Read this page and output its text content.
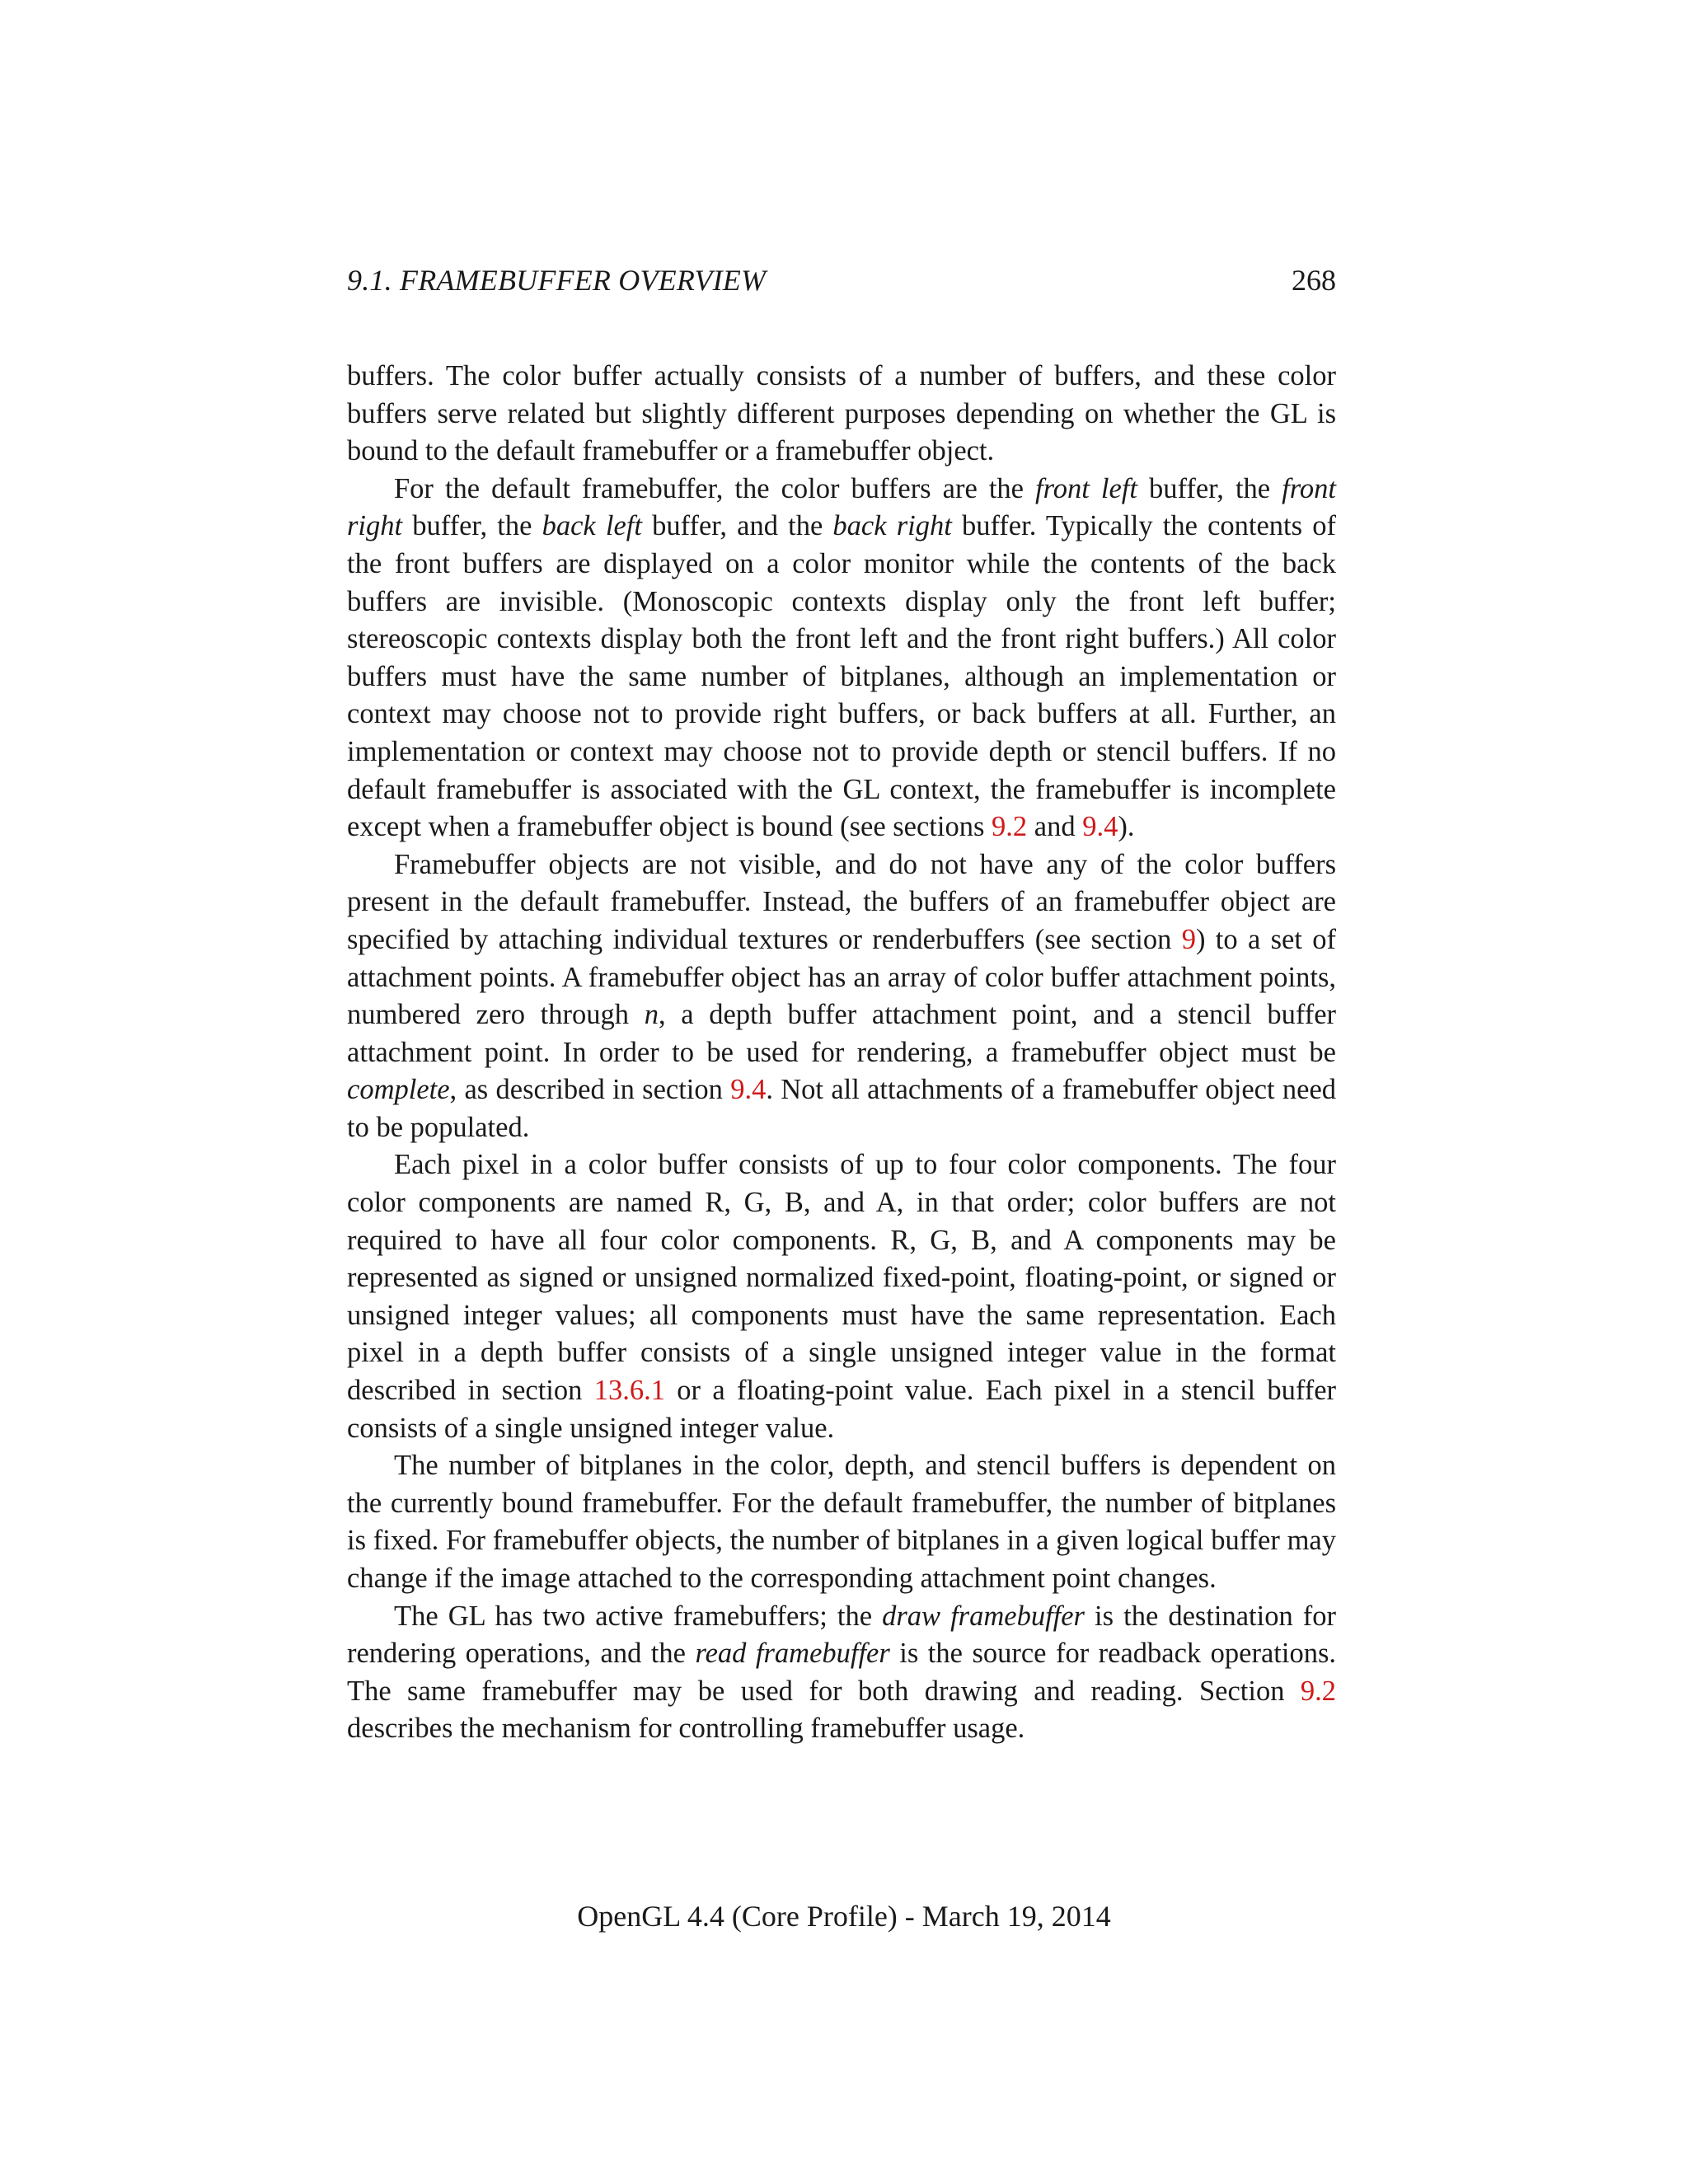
9.1. FRAMEBUFFER OVERVIEW	268

buffers. The color buffer actually consists of a number of buffers, and these color buffers serve related but slightly different purposes depending on whether the GL is bound to the default framebuffer or a framebuffer object.

For the default framebuffer, the color buffers are the front left buffer, the front right buffer, the back left buffer, and the back right buffer. Typically the contents of the front buffers are displayed on a color monitor while the contents of the back buffers are invisible. (Monoscopic contexts display only the front left buffer; stereoscopic contexts display both the front left and the front right buffers.) All color buffers must have the same number of bitplanes, although an implementation or context may choose not to provide right buffers, or back buffers at all. Further, an implementation or context may choose not to provide depth or stencil buffers. If no default framebuffer is associated with the GL context, the framebuffer is incomplete except when a framebuffer object is bound (see sections 9.2 and 9.4).

Framebuffer objects are not visible, and do not have any of the color buffers present in the default framebuffer. Instead, the buffers of an framebuffer object are specified by attaching individual textures or renderbuffers (see section 9) to a set of attachment points. A framebuffer object has an array of color buffer attachment points, numbered zero through n, a depth buffer attachment point, and a stencil buffer attachment point. In order to be used for rendering, a framebuffer object must be complete, as described in section 9.4. Not all attachments of a framebuffer object need to be populated.

Each pixel in a color buffer consists of up to four color components. The four color components are named R, G, B, and A, in that order; color buffers are not required to have all four color components. R, G, B, and A components may be represented as signed or unsigned normalized fixed-point, floating-point, or signed or unsigned integer values; all components must have the same representation. Each pixel in a depth buffer consists of a single unsigned integer value in the format described in section 13.6.1 or a floating-point value. Each pixel in a stencil buffer consists of a single unsigned integer value.

The number of bitplanes in the color, depth, and stencil buffers is dependent on the currently bound framebuffer. For the default framebuffer, the number of bitplanes is fixed. For framebuffer objects, the number of bitplanes in a given logical buffer may change if the image attached to the corresponding attachment point changes.

The GL has two active framebuffers; the draw framebuffer is the destination for rendering operations, and the read framebuffer is the source for readback operations. The same framebuffer may be used for both drawing and reading. Section 9.2 describes the mechanism for controlling framebuffer usage.

OpenGL 4.4 (Core Profile) - March 19, 2014
